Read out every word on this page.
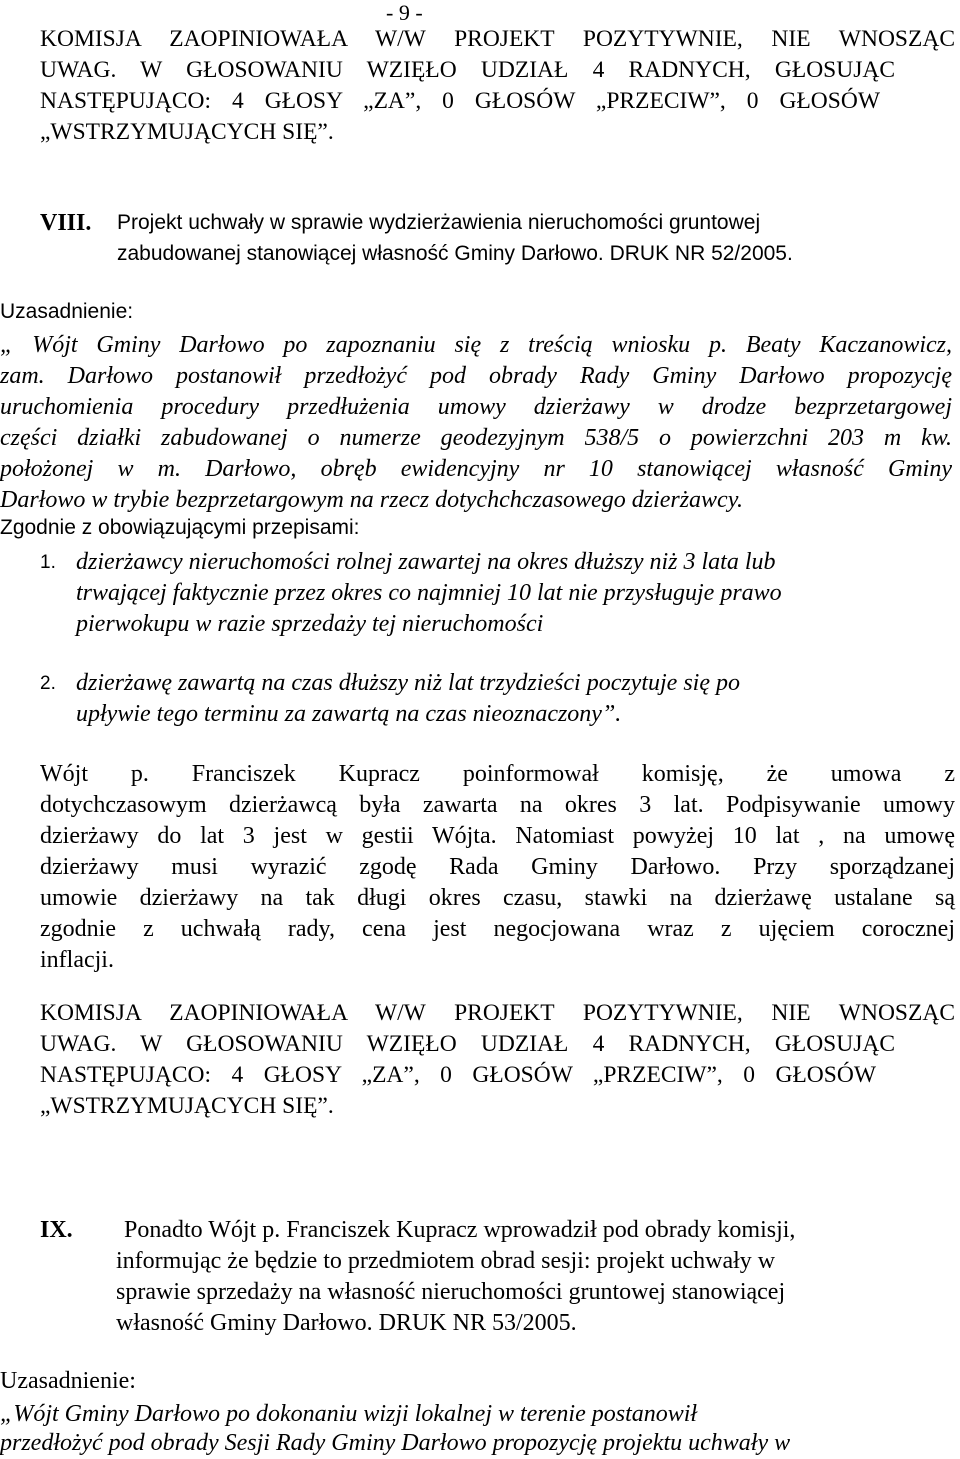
- 9 -
KOMISJA ZAOPINIOWAŁA W/W PROJEKT POZYTYWNIE, NIE WNOSZĄC
UWAG. W GŁOSOWANIU WZIĘŁO UDZIAŁ 4 RADNYCH, GŁOSUJĄC
NASTĘPUJĄCO: 4 GŁOSY „ZA”, 0 GŁOSÓW „PRZECIW”, 0 GŁOSÓW
„WSTRZYMUJĄCYCH SIĘ”.
VIII. Projekt uchwały w sprawie wydzierżawienia nieruchomości gruntowej
zabudowanej stanowiącej własność Gminy Darłowo. DRUK NR 52/2005.
Uzasadnienie:
„ Wójt Gminy Darłowo po zapoznaniu się z treścią wniosku p. Beaty Kaczanowicz,
zam. Darłowo postanowił przedłożyć pod obrady Rady Gminy Darłowo propozycję
uruchomienia procedury przedłużenia umowy dzierżawy w drodze bezprzetargowej
części działki zabudowanej o numerze geodezyjnym 538/5 o powierzchni 203 m kw.
położonej w m. Darłowo, obręb ewidencyjny nr 10 stanowiącej własność Gminy
Darłowo w trybie bezprzetargowym na rzecz dotychchczasowego dzierżawcy.
Zgodnie z obowiązującymi przepisami:
1. dzierżawcy nieruchomości rolnej zawartej na okres dłuższy niż 3 lata lub
trwającej faktycznie przez okres co najmniej 10 lat nie przysługuje prawo
pierwokupu w razie sprzedaży tej nieruchomości
2. dzierżawę zawartą na czas dłuższy niż lat trzydzieści poczytuje się po
upływie tego terminu za zawartą na czas nieoznaczony”.
Wójt p. Franciszek Kupracz poinformował komisję, że umowa z
dotychczasowym dzierżawcą była zawarta na okres 3 lat. Podpisywanie umowy
dzierżawy do lat 3 jest w gestii Wójta. Natomiast powyżej 10 lat , na umowę
dzierżawy musi wyrazić zgodę Rada Gminy Darłowo. Przy sporządzanej
umowie dzierżawy na tak długi okres czasu, stawki na dzierżawę ustalane są
zgodnie z uchwałą rady, cena jest negocjowana wraz z ujęciem corocznej
inflacji.
KOMISJA ZAOPINIOWAŁA W/W PROJEKT POZYTYWNIE, NIE WNOSZĄC
UWAG. W GŁOSOWANIU WZIĘŁO UDZIAŁ 4 RADNYCH, GŁOSUJĄC
NASTĘPUJĄCO: 4 GŁOSY „ZA”, 0 GŁOSÓW „PRZECIW”, 0 GŁOSÓW
„WSTRZYMUJĄCYCH SIĘ”.
IX. Ponadto Wójt p. Franciszek Kupracz wprowadził pod obrady komisji,
informując że będzie to przedmiotem obrad sesji: projekt uchwały w
sprawie sprzedaży na własność nieruchomości gruntowej stanowiącej
własność Gminy Darłowo. DRUK NR 53/2005.
Uzasadnienie:
„Wójt Gminy Darłowo po dokonaniu wizji lokalnej w terenie postanowił
przedłożyć pod obrady Sesji Rady Gminy Darłowo propozycję projektu uchwały w
